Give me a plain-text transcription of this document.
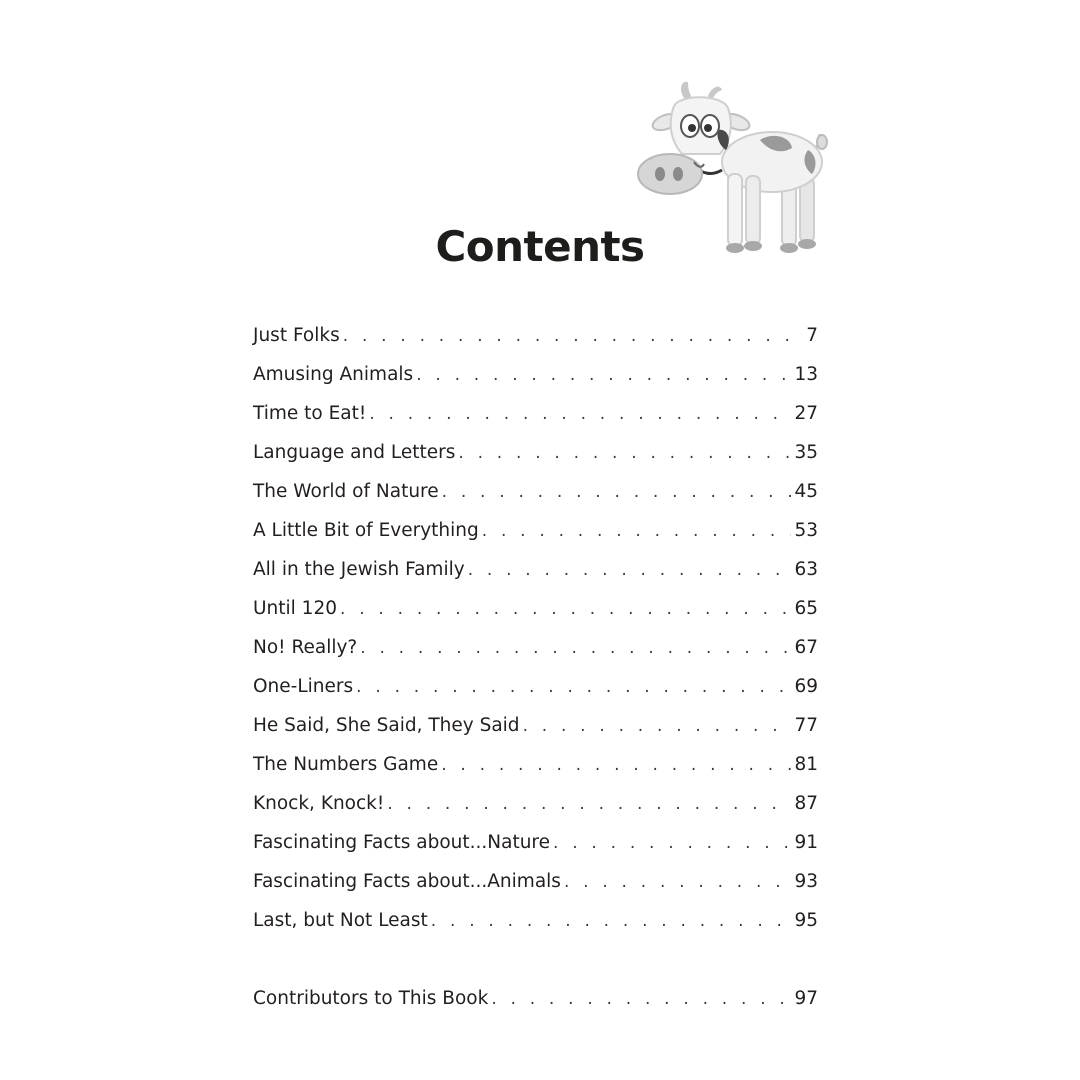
Contents
Just Folks . . .	7
Amusing Animals . . .	13
Time to Eat! . . .	27
Language and Letters . . .	35
The World of Nature . . .	45
A Little Bit of Everything . . .	53
All in the Jewish Family . . .	63
Until 120 . . .	65
No! Really? . . .	67
One-Liners . . .	69
He Said, She Said, They Said . . .	77
The Numbers Game . . .	81
Knock, Knock! . . .	87
Fascinating Facts about...Nature . . .	91
Fascinating Facts about...Animals . . .	93
Last, but Not Least . . .	95
Contributors to This Book . . .	97
